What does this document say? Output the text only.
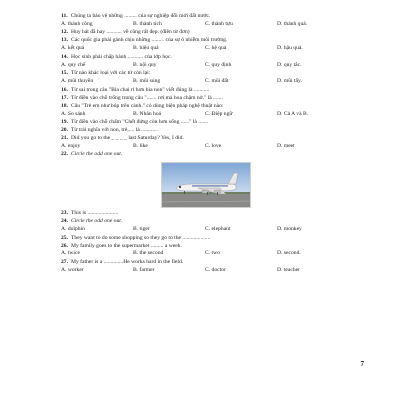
11. Chúng ta bảo vệ những ......... của sự nghiệp đổi mới đất nước.
A. thành công	B. thành tích	C. thành tựu	D. thành quả.
12. Huy hát đã hay ........... về cũng rất đẹp. (điền từ đơn)
13. Các quốc gia phải gánh chịu những ......... của sự ô nhiễm môi trường.
A. kết quả	B. hiệu quả	C. hệ quả	D. hậu quả.
14. Học sinh phải chấp hành ........... của lớp học.
A. quy chế	B. nội quy	C. quy định	D. quy tắc.
15. Từ nào khác loại với các từ còn lại:
A. mũi thuyền	B. mũi súng	C. mũi đất	D. mũi tẩy.
16. Từ sai trong câu "Bìa chai rỉ hơn bìa non" viết đúng là ...........
17. Từ điền vào chỗ trống trong câu "....... rơi mà hoa chậm nở." là .......
18. Câu "Trẻ em như búp trên cành." có dùng biện pháp nghệ thuật nào:
A. So sánh	B. Nhân hoá	C. Điệp ngữ	D. Cả A và B.
19. Từ điền vào chỗ chấm "Chết đứng còn hơn sống ......" là .......
20. Từ trái nghĩa với non, trẻ,.... là ............
21. Did you go to the _ _ _ _ last Saturday? Yes, I did.
A. enjoy	B. like	C. love	D. meet
22. Circle the odd one out.
23. This is ......................
24. Circle the odd one out.
A. dolphin	B. tiger	C. elephant	D. monkey
25. They want to do some shopping so they go to the ....................
26. My family goes to the supermarket ......... a week.
A. twice	B. the second	C. two	D. second.
27. My father is a ..............He works hard in the field.
A. worker	B. farmer	C. doctor	D. teacher
7
